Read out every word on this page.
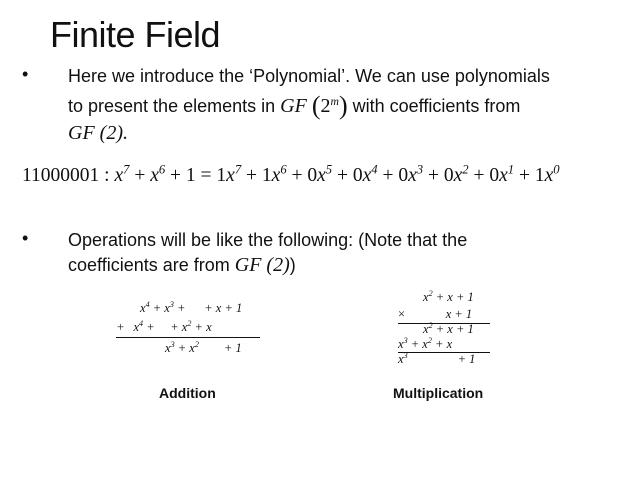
Finite Field
• Here we introduce the ‘Polynomial’. We can use polynomials
to present the elements in GF (2$^m$) with coefficients from
GF (2).
11000001 : $x^7 + x^6 + 1 = 1x^7 + 1x^6 + 0x^5 + 0x^4 + 0x^3 + 0x^2 + 0x^1 + 1x^0$
• Operations will be like the following: (Note that the
coefficients are from GF (2))
$x^4 + x^3$ +      + x + 1
+   $x^4$ +     + $x^2 + x$
$x^3 + x^2$        + 1
Addition
$x^2 + x + 1$
×             x + 1
$x^2 + x + 1$
$x^3 + x^2 + x$
$x^3$                + 1
Multiplication
